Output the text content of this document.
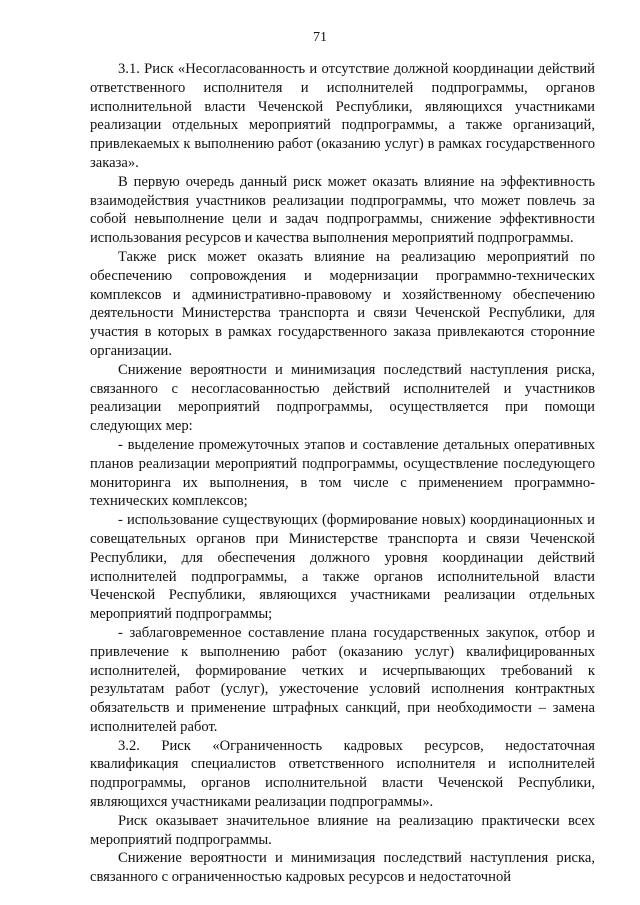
71

3.1. Риск «Несогласованность и отсутствие должной координации действий ответственного исполнителя и исполнителей подпрограммы, органов исполнительной власти Чеченской Республики, являющихся участниками реализации отдельных мероприятий подпрограммы, а также организаций, привлекаемых к выполнению работ (оказанию услуг) в рамках государственного заказа».

В первую очередь данный риск может оказать влияние на эффективность взаимодействия участников реализации подпрограммы, что может повлечь за собой невыполнение цели и задач подпрограммы, снижение эффективности использования ресурсов и качества выполнения мероприятий подпрограммы.

Также риск может оказать влияние на реализацию мероприятий по обеспечению сопровождения и модернизации программно-технических комплексов и административно-правовому и хозяйственному обеспечению деятельности Министерства транспорта и связи Чеченской Республики, для участия в которых в рамках государственного заказа привлекаются сторонние организации.

Снижение вероятности и минимизация последствий наступления риска, связанного с несогласованностью действий исполнителей и участников реализации мероприятий подпрограммы, осуществляется при помощи следующих мер:

- выделение промежуточных этапов и составление детальных оперативных планов реализации мероприятий подпрограммы, осуществление последующего мониторинга их выполнения, в том числе с применением программно-технических комплексов;

- использование существующих (формирование новых) координационных и совещательных органов при Министерстве транспорта и связи Чеченской Республики, для обеспечения должного уровня координации действий исполнителей подпрограммы, а также органов исполнительной власти Чеченской Республики, являющихся участниками реализации отдельных мероприятий подпрограммы;

- заблаговременное составление плана государственных закупок, отбор и привлечение к выполнению работ (оказанию услуг) квалифицированных исполнителей, формирование четких и исчерпывающих требований к результатам работ (услуг), ужесточение условий исполнения контрактных обязательств и применение штрафных санкций, при необходимости – замена исполнителей работ.

3.2. Риск «Ограниченность кадровых ресурсов, недостаточная квалификация специалистов ответственного исполнителя и исполнителей подпрограммы, органов исполнительной власти Чеченской Республики, являющихся участниками реализации подпрограммы».

Риск оказывает значительное влияние на реализацию практически всех мероприятий подпрограммы.

Снижение вероятности и минимизация последствий наступления риска, связанного с ограниченностью кадровых ресурсов и недостаточной
